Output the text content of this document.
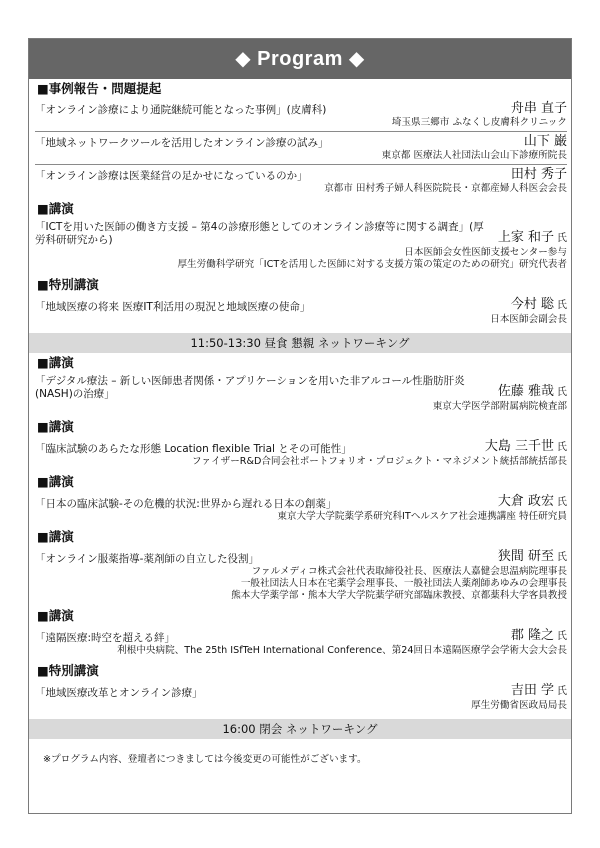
◆ Program ◆
■事例報告・問題提起
「オンライン診療により通院継続可能となった事例」(皮膚科)	舟串 直子
埼玉県三郷市 ふなくし皮膚科クリニック
「地域ネットワークツールを活用したオンライン診療の試み」	山下 巌
東京都 医療法人社団法山会山下診療所院長
「オンライン診療は医業経営の足かせになっているのか」	田村 秀子
京都市 田村秀子婦人科医院院長・京都産婦人科医会会長
■講演
「ICTを用いた医師の働き方支援 – 第4の診療形態としてのオンライン診療等に関する調査」(厚労科研研究から)	上家 和子 氏
日本医師会女性医師支援センター参与
厚生労働科学研究「ICTを活用した医師に対する支援方策の策定のための研究」研究代表者
■特別講演
「地域医療の将来 医療IT利活用の現況と地域医療の使命」	今村 聡 氏
日本医師会副会長
11:50-13:30 昼食 懇親 ネットワーキング
■講演
「デジタル療法 – 新しい医師患者関係・アプリケーションを用いた非アルコール性脂肪肝炎(NASH)の治療」	佐藤 雅哉 氏
東京大学医学部附属病院検査部
■講演
「臨床試験のあらたな形態 Location flexible Trial とその可能性」	大島 三千世 氏
ファイザーR&D合同会社ポートフォリオ・プロジェクト・マネジメント統括部統括部長
■講演
「日本の臨床試験-その危機的状況:世界から遅れる日本の創薬」	大倉 政宏 氏
東京大学大学院薬学系研究科ITヘルスケア社会連携講座 特任研究員
■講演
「オンライン服薬指導-薬剤師の自立した役割」	狭間 研至 氏
ファルメディコ株式会社代表取締役社長、医療法人嘉健会思温病院理事長
一般社団法人日本在宅薬学会理事長、一般社団法人薬剤師あゆみの会理事長
熊本大学薬学部・熊本大学大学院薬学研究部臨床教授、京都薬科大学客員教授
■講演
「遠隔医療:時空を超える絆」	郡 隆之 氏
利根中央病院、The 25th ISfTeH International Conference、第24回日本遠隔医療学会学術大会大会長
■特別講演
「地域医療改革とオンライン診療」	吉田 学 氏
厚生労働省医政局局長
16:00 閉会 ネットワーキング
※プログラム内容、登壇者につきましては今後変更の可能性がございます。
